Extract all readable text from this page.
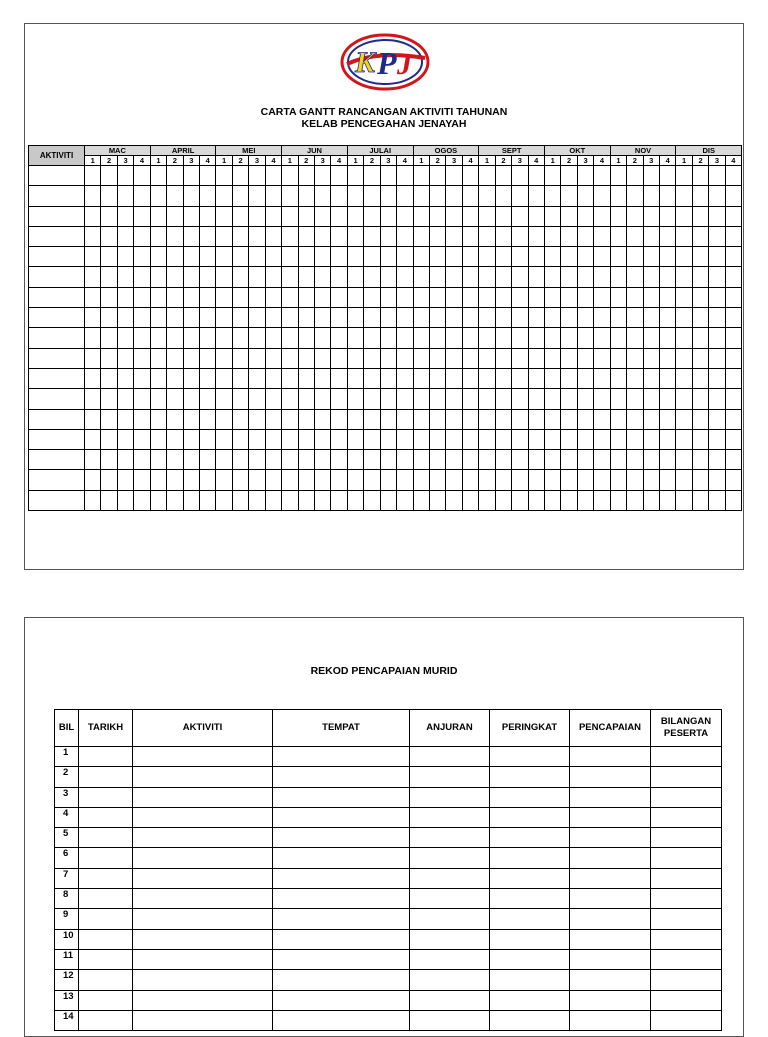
K P J
CARTA GANTT RANCANGAN AKTIVITI TAHUNAN
KELAB PENCEGAHAN JENAYAH
AKTIVITI	MAC				APRIL				MEI				JUN				JULAI				OGOS				SEPT				OKT				NOV				DIS			
	1	2	3	4	1	2	3	4	1	2	3	4	1	2	3	4	1	2	3	4	1	2	3	4	1	2	3	4	1	2	3	4	1	2	3	4	1	2	3	4

REKOD PENCAPAIAN MURID
BIL	TARIKH	AKTIVITI	TEMPAT	ANJURAN	PERINGKAT	PENCAPAIAN	BILANGAN PESERTA
1							
2							
3							
4							
5							
6							
7							
8							
9							
10							
11							
12							
13							
14							
